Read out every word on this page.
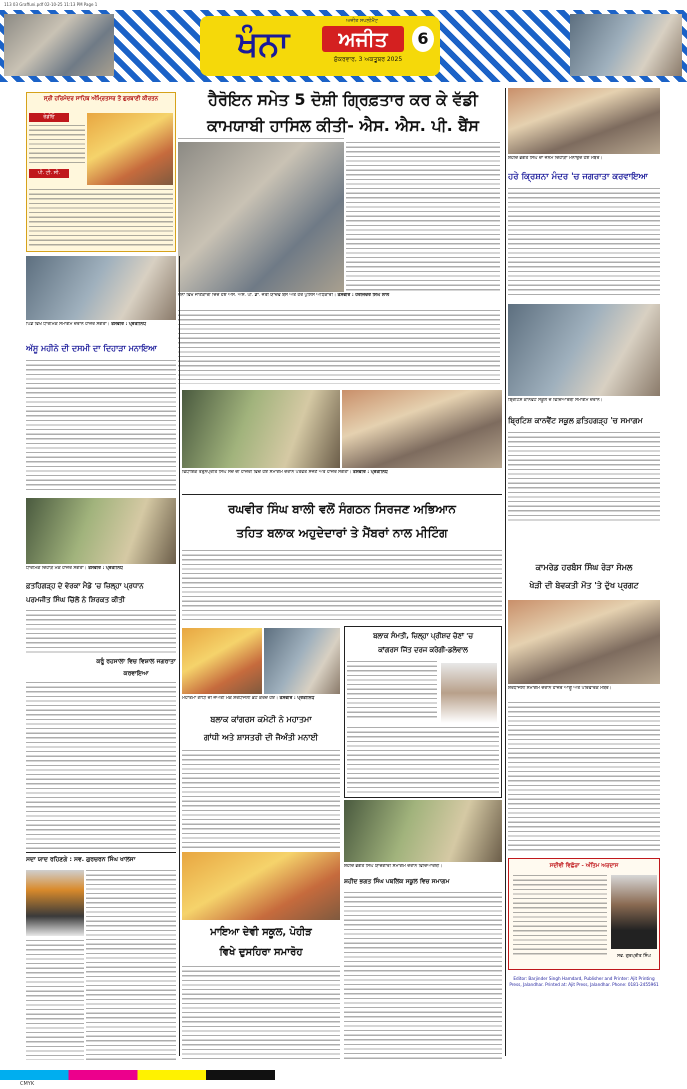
113 03 Graffuni.pdf 02-10-25 11:13 PM Page 1
ਖੰਨਾ
ਅਜੀਤ ਸਪਲੀਮੈਂਟ
ਅਜੀਤ
ਸ਼ੁੱਕਰਵਾਰ, 3 ਅਕਤੂਬਰ 2025
6
ਹੈਰੋਇਨ ਸਮੇਤ 5 ਦੋਸ਼ੀ ਗ੍ਰਿਫ਼ਤਾਰ ਕਰ ਕੇ ਵੱਡੀ
ਕਾਮਯਾਬੀ ਹਾਸਿਲ ਕੀਤੀ- ਐਸ. ਐਸ. ਪੀ. ਬੈਂਸ
ਸ੍ਰੀ ਹਰਿਮੰਦਰ ਸਾਹਿਬ ਅੰਮ੍ਰਿਤਸਰ ਤੋਂ ਗੁਰਬਾਣੀ ਕੀਰਤਨ
ਰੇਡੀਓ
ਪੀ. ਟੀ. ਸੀ.
ਖੰਨਾ ਵਿਖੇ ਜਾਣਕਾਰੀ ਦਿੰਦੇ ਹੋਏ ਐਸ. ਐਸ. ਪੀ. ਡਾ. ਜੋਤੀ ਯਾਦਵ ਬੈਂਸ ਅਤੇ ਹੋਰ ਪੁਲਿਸ ਅਧਿਕਾਰੀ। ਤਸਵੀਰ : ਹਰਜਿੰਦਰ ਸਿੰਘ ਲਾਲ
ਸ਼ਹੀਦ ਭਗਤ ਸਿੰਘ ਦਾ ਜਨਮ ਦਿਹਾੜਾ ਮਨਾਉਂਦੇ ਹੋਏ ਮੈਂਬਰ।
ਹਰੇ ਕ੍ਰਿਸ਼ਨਾ ਮੰਦਰ 'ਚ ਜਗਰਾਤਾ ਕਰਵਾਇਆ
ਪਿੰਡ ਵਿਖੇ ਧਾਰਮਿਕ ਸਮਾਗਮ ਦੌਰਾਨ ਹਾਜ਼ਰ ਸੰਗਤਾਂ। ਤਸਵੀਰ : ਪ੍ਰਤੀਨਿਧ
ਅੱਸੂ ਮਹੀਨੇ ਦੀ ਦਸਮੀ ਦਾ ਦਿਹਾੜਾ ਮਨਾਇਆ
ਵਿਧਾਇਕ ਤਰੁਨਪ੍ਰੀਤ ਸਿੰਘ ਸੌਂਦ ਦੀ ਹਾਜ਼ਰੀ ਵਿੱਚ ਹੋਏ ਸਮਾਗਮ ਦੌਰਾਨ ਪਤਵੰਤੇ ਸੱਜਣ ਅਤੇ ਹਾਜ਼ਰ ਸੰਗਤਾਂ। ਤਸਵੀਰ : ਪ੍ਰਤੀਨਿਧ
ਬ੍ਰਿਟਿਸ਼ ਕਾਨਵੈਂਟ ਸਕੂਲ ਦੇ ਵਿਦਿਆਰਥੀ ਸਮਾਗਮ ਦੌਰਾਨ।
ਬ੍ਰਿਟਿਸ਼ ਕਾਨਵੈਂਟ ਸਕੂਲ ਫ਼ਤਿਹਗੜ੍ਹ 'ਚ ਸਮਾਗਮ
ਰਘਵੀਰ ਸਿੰਘ ਬਾਲੀ ਵਲੋਂ ਸੰਗਠਨ ਸਿਰਜਣ ਅਭਿਆਨ
ਤਹਿਤ ਬਲਾਕ ਅਹੁਦੇਦਾਰਾਂ ਤੇ ਮੈਂਬਰਾਂ ਨਾਲ ਮੀਟਿੰਗ
ਧਾਰਮਿਕ ਦਿਹਾੜੇ ਮੌਕੇ ਹਾਜ਼ਰ ਸੰਗਤਾਂ। ਤਸਵੀਰ : ਪ੍ਰਤੀਨਿਧ
ਫ਼ਤਹਿਗੜ੍ਹ ਦੇ ਵੇਰਕਾ ਮੈਡੇ 'ਚ ਜ਼ਿਲ੍ਹਾ ਪ੍ਰਧਾਨ
ਪਰਮਜੀਤ ਸਿੰਘ ਚਿੱਲੋਂ ਨੇ ਸ਼ਿਰਕਤ ਕੀਤੀ
ਕਰੂੰ ਰਹਸਾਲਾ ਵਿਚ ਵਿਸ਼ਾਲ ਜਗਰਾਤਾ ਕਰਵਾਇਆ
ਕਾਮਰੇਡ ਹਰਬੰਸ ਸਿੰਘ ਰੋੜਾ ਸੋਮਲ
ਖੇੜੀ ਦੀ ਬੇਵਕਤੀ ਮੌਤ 'ਤੇ ਦੁੱਖ ਪ੍ਰਗਟ
ਸ਼ਰਧਾਂਜਲੀ ਸਮਾਗਮ ਦੌਰਾਨ ਹਾਜ਼ਰ ਆਗੂ ਅਤੇ ਪਰਿਵਾਰਕ ਮੈਂਬਰ।
ਬਲਾਕ ਸੰਮਤੀ, ਜ਼ਿਲ੍ਹਾ ਪ੍ਰੀਸ਼ਦ ਚੋਣਾਂ 'ਚ
ਕਾਂਗਰਸ ਜਿੱਤ ਦਰਜ ਕਰੇਗੀ-ਡਲੇਵਾਲ
ਮਹਾਤਮਾ ਗਾਂਧੀ ਦੀ ਜੈਅੰਤੀ ਮੌਕੇ ਸ਼ਰਧਾਂਜਲੀ ਭੇਟ ਕਰਦੇ ਹੋਏ। ਤਸਵੀਰ : ਪ੍ਰਤੀਨਿਧ
ਬਲਾਕ ਕਾਂਗਰਸ ਕਮੇਟੀ ਨੇ ਮਹਾਤਮਾ
ਗਾਂਧੀ ਅਤੇ ਸ਼ਾਸਤਰੀ ਦੀ ਜੈਅੰਤੀ ਮਨਾਈ
ਸ਼ਹੀਦ ਭਗਤ ਸਿੰਘ ਯਾਦਗਾਰੀ ਸਮਾਗਮ ਦੌਰਾਨ ਵਿਦਿਆਰਥੀ।
ਸ਼ਹੀਦ ਭਗਤ ਸਿੰਘ ਪਬਲਿਕ ਸਕੂਲ ਵਿਚ ਸਮਾਗਮ
ਸਦਾ ਯਾਦ ਰਹਿਣਗੇ : ਸਵ. ਗੁਰਚਰਨ ਸਿੰਘ ਖਾਲਸਾ
ਮਾਇਆ ਦੇਵੀ ਸਕੂਲ, ਪੋਹੀੜ
ਵਿਖੇ ਦੁਸਹਿਰਾ ਸਮਾਰੋਹ
ਸਦੀਵੀ ਵਿਛੋੜਾ - ਅੰਤਿਮ ਅਰਦਾਸ
ਸਵ. ਗੁਰਪ੍ਰੀਤ ਸਿੰਘ
Editor: Barjinder Singh Hamdard, Publisher and Printer: Ajit Printing Press, Jalandhar. Printed at: Ajit Press, Jalandhar. Phone: 0181-2455961
CMYK
